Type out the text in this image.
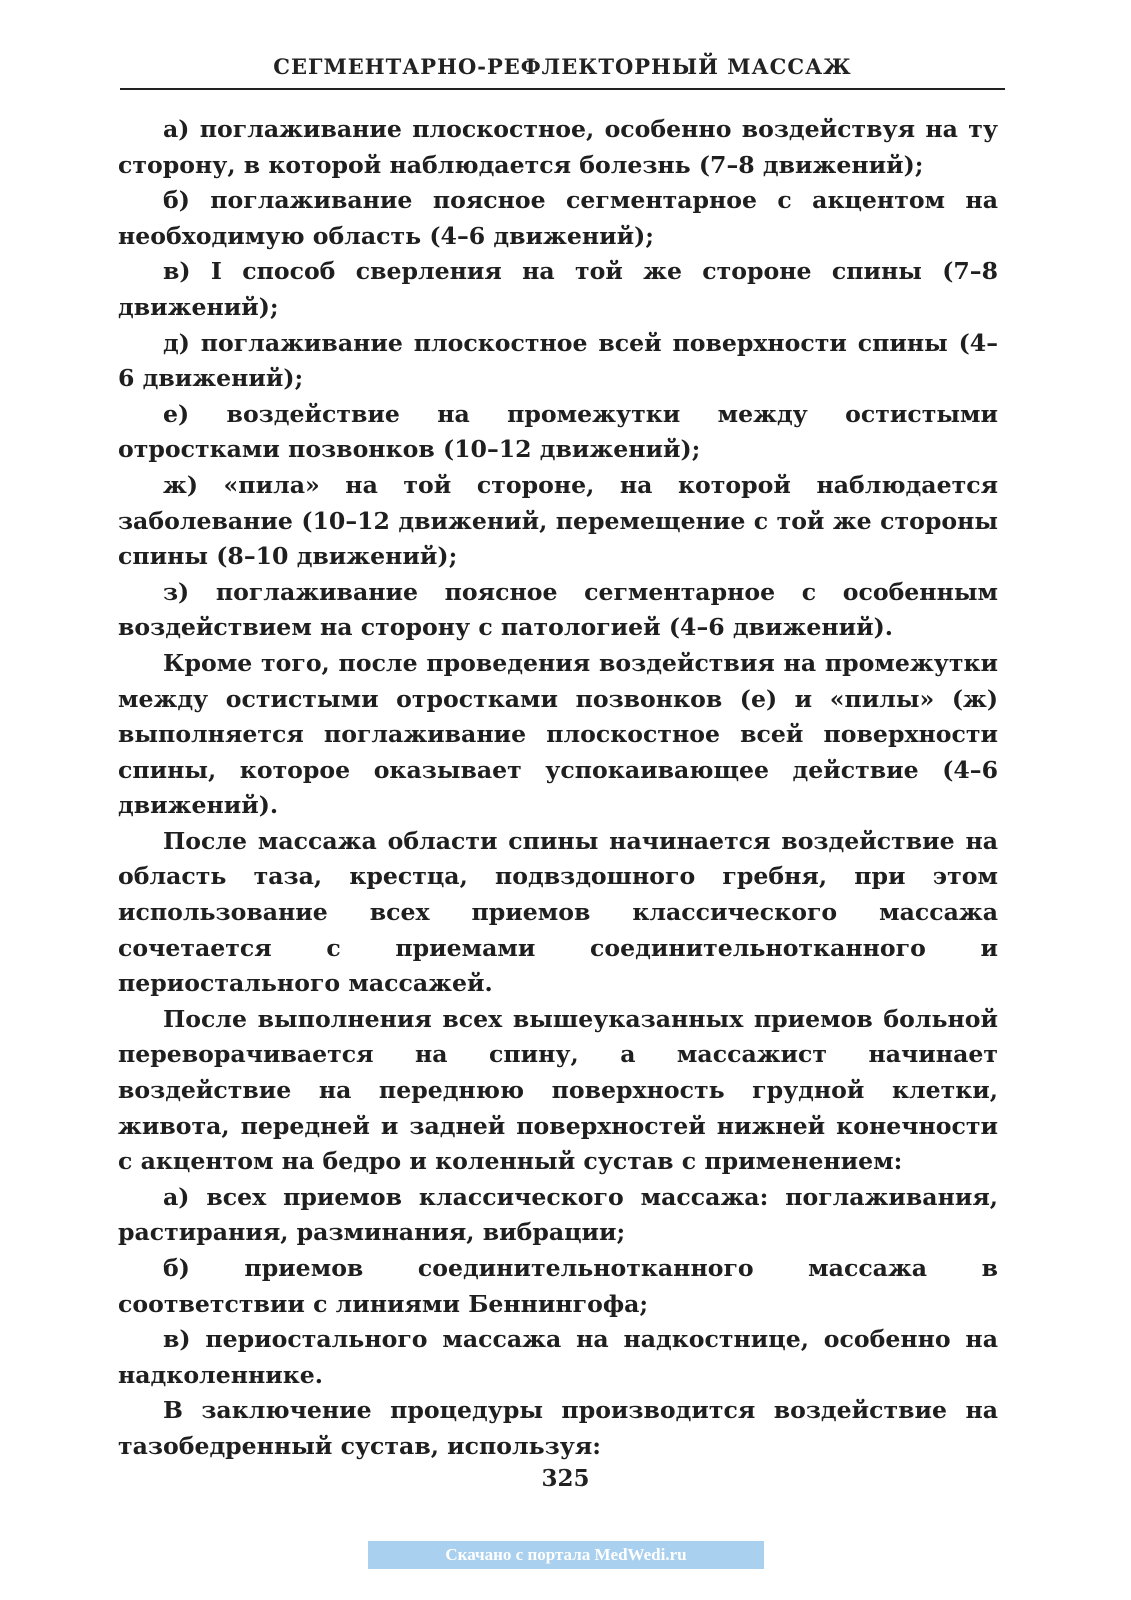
СЕГМЕНТАРНО-РЕФЛЕКТОРНЫЙ МАССАЖ

а) поглаживание плоскостное, особенно воздействуя на ту сторону, в которой наблюдается болезнь (7–8 движений);

б) поглаживание поясное сегментарное с акцентом на необходимую область (4–6 движений);

в) I способ сверления на той же стороне спины (7–8 движений);

д) поглаживание плоскостное всей поверхности спины (4–6 движений);

е) воздействие на промежутки между остистыми отростками позвонков (10–12 движений);

ж) «пила» на той стороне, на которой наблюдается заболевание (10–12 движений, перемещение с той же стороны спины (8–10 движений);

з) поглаживание поясное сегментарное с особенным воздействием на сторону с патологией (4–6 движений).

Кроме того, после проведения воздействия на промежутки между остистыми отростками позвонков (е) и «пилы» (ж) выполняется поглаживание плоскостное всей поверхности спины, которое оказывает успокаивающее действие (4–6 движений).

После массажа области спины начинается воздействие на область таза, крестца, подвздошного гребня, при этом использование всех приемов классического массажа сочетается с приемами соединительнотканного и периостального массажей.

После выполнения всех вышеуказанных приемов больной переворачивается на спину, а массажист начинает воздействие на переднюю поверхность грудной клетки, живота, передней и задней поверхностей нижней конечности с акцентом на бедро и коленный сустав с применением:

а) всех приемов классического массажа: поглаживания, растирания, разминания, вибрации;

б) приемов соединительнотканного массажа в соответствии с линиями Беннингофа;

в) периостального массажа на надкостнице, особенно на надколеннике.

В заключение процедуры производится воздействие на тазобедренный сустав, используя:

325
Скачано с портала MedWedi.ru
